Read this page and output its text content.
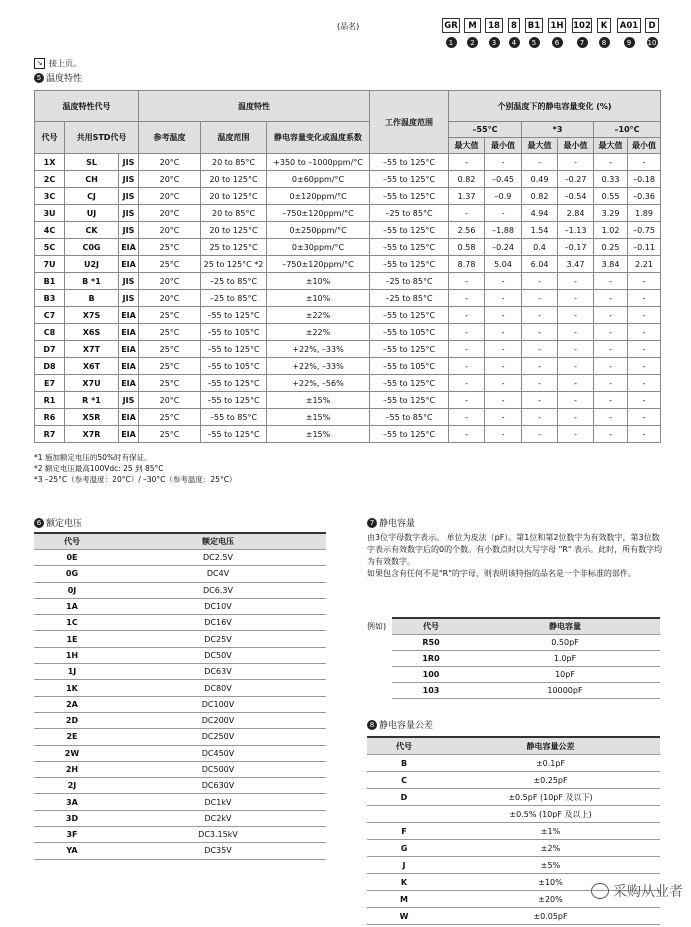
(品名)	GR
1
M
2
18
3
8
4
B1
5
1H
6
102
7
K
8
A01
9
D
10
↘ 接上页。
5 温度特性
温度特性代号			温度特性			工作温度范围	个别温度下的静电容量变化 (%)					
代号	共用STD代号		参考温度	温度范围	静电容量变化或温度系数		–55°C		*3		–10°C	
							最大值	最小值	最大值	最小值	最大值	最小值
1X	SL	JIS	20°C	20 to 85°C	+350 to –1000ppm/°C	–55 to 125°C	-	-	-	-	-	-
2C	CH	JIS	20°C	20 to 125°C	0±60ppm/°C	–55 to 125°C	0.82	–0.45	0.49	–0.27	0.33	–0.18
3C	CJ	JIS	20°C	20 to 125°C	0±120ppm/°C	–55 to 125°C	1.37	–0.9	0.82	–0.54	0.55	–0.36
3U	UJ	JIS	20°C	20 to 85°C	–750±120ppm/°C	–25 to 85°C	-	-	4.94	2.84	3.29	1.89
4C	CK	JIS	20°C	20 to 125°C	0±250ppm/°C	–55 to 125°C	2.56	–1.88	1.54	–1.13	1.02	–0.75
5C	C0G	EIA	25°C	25 to 125°C	0±30ppm/°C	–55 to 125°C	0.58	–0.24	0.4	–0.17	0.25	–0.11
7U	U2J	EIA	25°C	25 to 125°C *2	–750±120ppm/°C	–55 to 125°C	8.78	5.04	6.04	3.47	3.84	2.21
B1	B *1	JIS	20°C	–25 to 85°C	±10%	–25 to 85°C	-	-	-	-	-	-
B3	B	JIS	20°C	–25 to 85°C	±10%	–25 to 85°C	-	-	-	-	-	-
C7	X7S	EIA	25°C	–55 to 125°C	±22%	–55 to 125°C	-	-	-	-	-	-
C8	X6S	EIA	25°C	–55 to 105°C	±22%	–55 to 105°C	-	-	-	-	-	-
D7	X7T	EIA	25°C	–55 to 125°C	+22%, –33%	–55 to 125°C	-	-	-	-	-	-
D8	X6T	EIA	25°C	–55 to 105°C	+22%, –33%	–55 to 105°C	-	-	-	-	-	-
E7	X7U	EIA	25°C	–55 to 125°C	+22%, –56%	–55 to 125°C	-	-	-	-	-	-
R1	R *1	JIS	20°C	–55 to 125°C	±15%	–55 to 125°C	-	-	-	-	-	-
R6	X5R	EIA	25°C	–55 to 85°C	±15%	–55 to 85°C	-	-	-	-	-	-
R7	X7R	EIA	25°C	–55 to 125°C	±15%	–55 to 125°C	-	-	-	-	-	-
*1 施加额定电压的50%时有保证。
*2 额定电压最高100Vdc: 25 到 85°C
*3 –25°C（参考温度：20°C）/ –30°C（参考温度：25°C）
6 额定电压
代号	额定电压
0E	DC2.5V
0G	DC4V
0J	DC6.3V
1A	DC10V
1C	DC16V
1E	DC25V
1H	DC50V
1J	DC63V
1K	DC80V
2A	DC100V
2D	DC200V
2E	DC250V
2W	DC450V
2H	DC500V
2J	DC630V
3A	DC1kV
3D	DC2kV
3F	DC3.15kV
YA	DC35V
7 静电容量
由3位字母数字表示。 单位为皮法（pF）。第1位和第2位数字为有效数字，第3位数字表示有效数字后的0的个数。有小数点时以大写字母 "R" 表示。此时，所有数字均为有效数字。
如果包含有任何不是"R"的字母，则表明该特指的品名是一个非标准的部件。
例如)	代号	静电容量
R50	0.50pF
1R0	1.0pF
100	10pF
103	10000pF
8 静电容量公差
代号	静电容量公差
B	±0.1pF
C	±0.25pF
D	±0.5pF (10pF 及以下)
	±0.5% (10pF 及以上)
F	±1%
G	±2%
J	±5%
K	±10%
M	±20%
W	±0.05pF
采购从业者
